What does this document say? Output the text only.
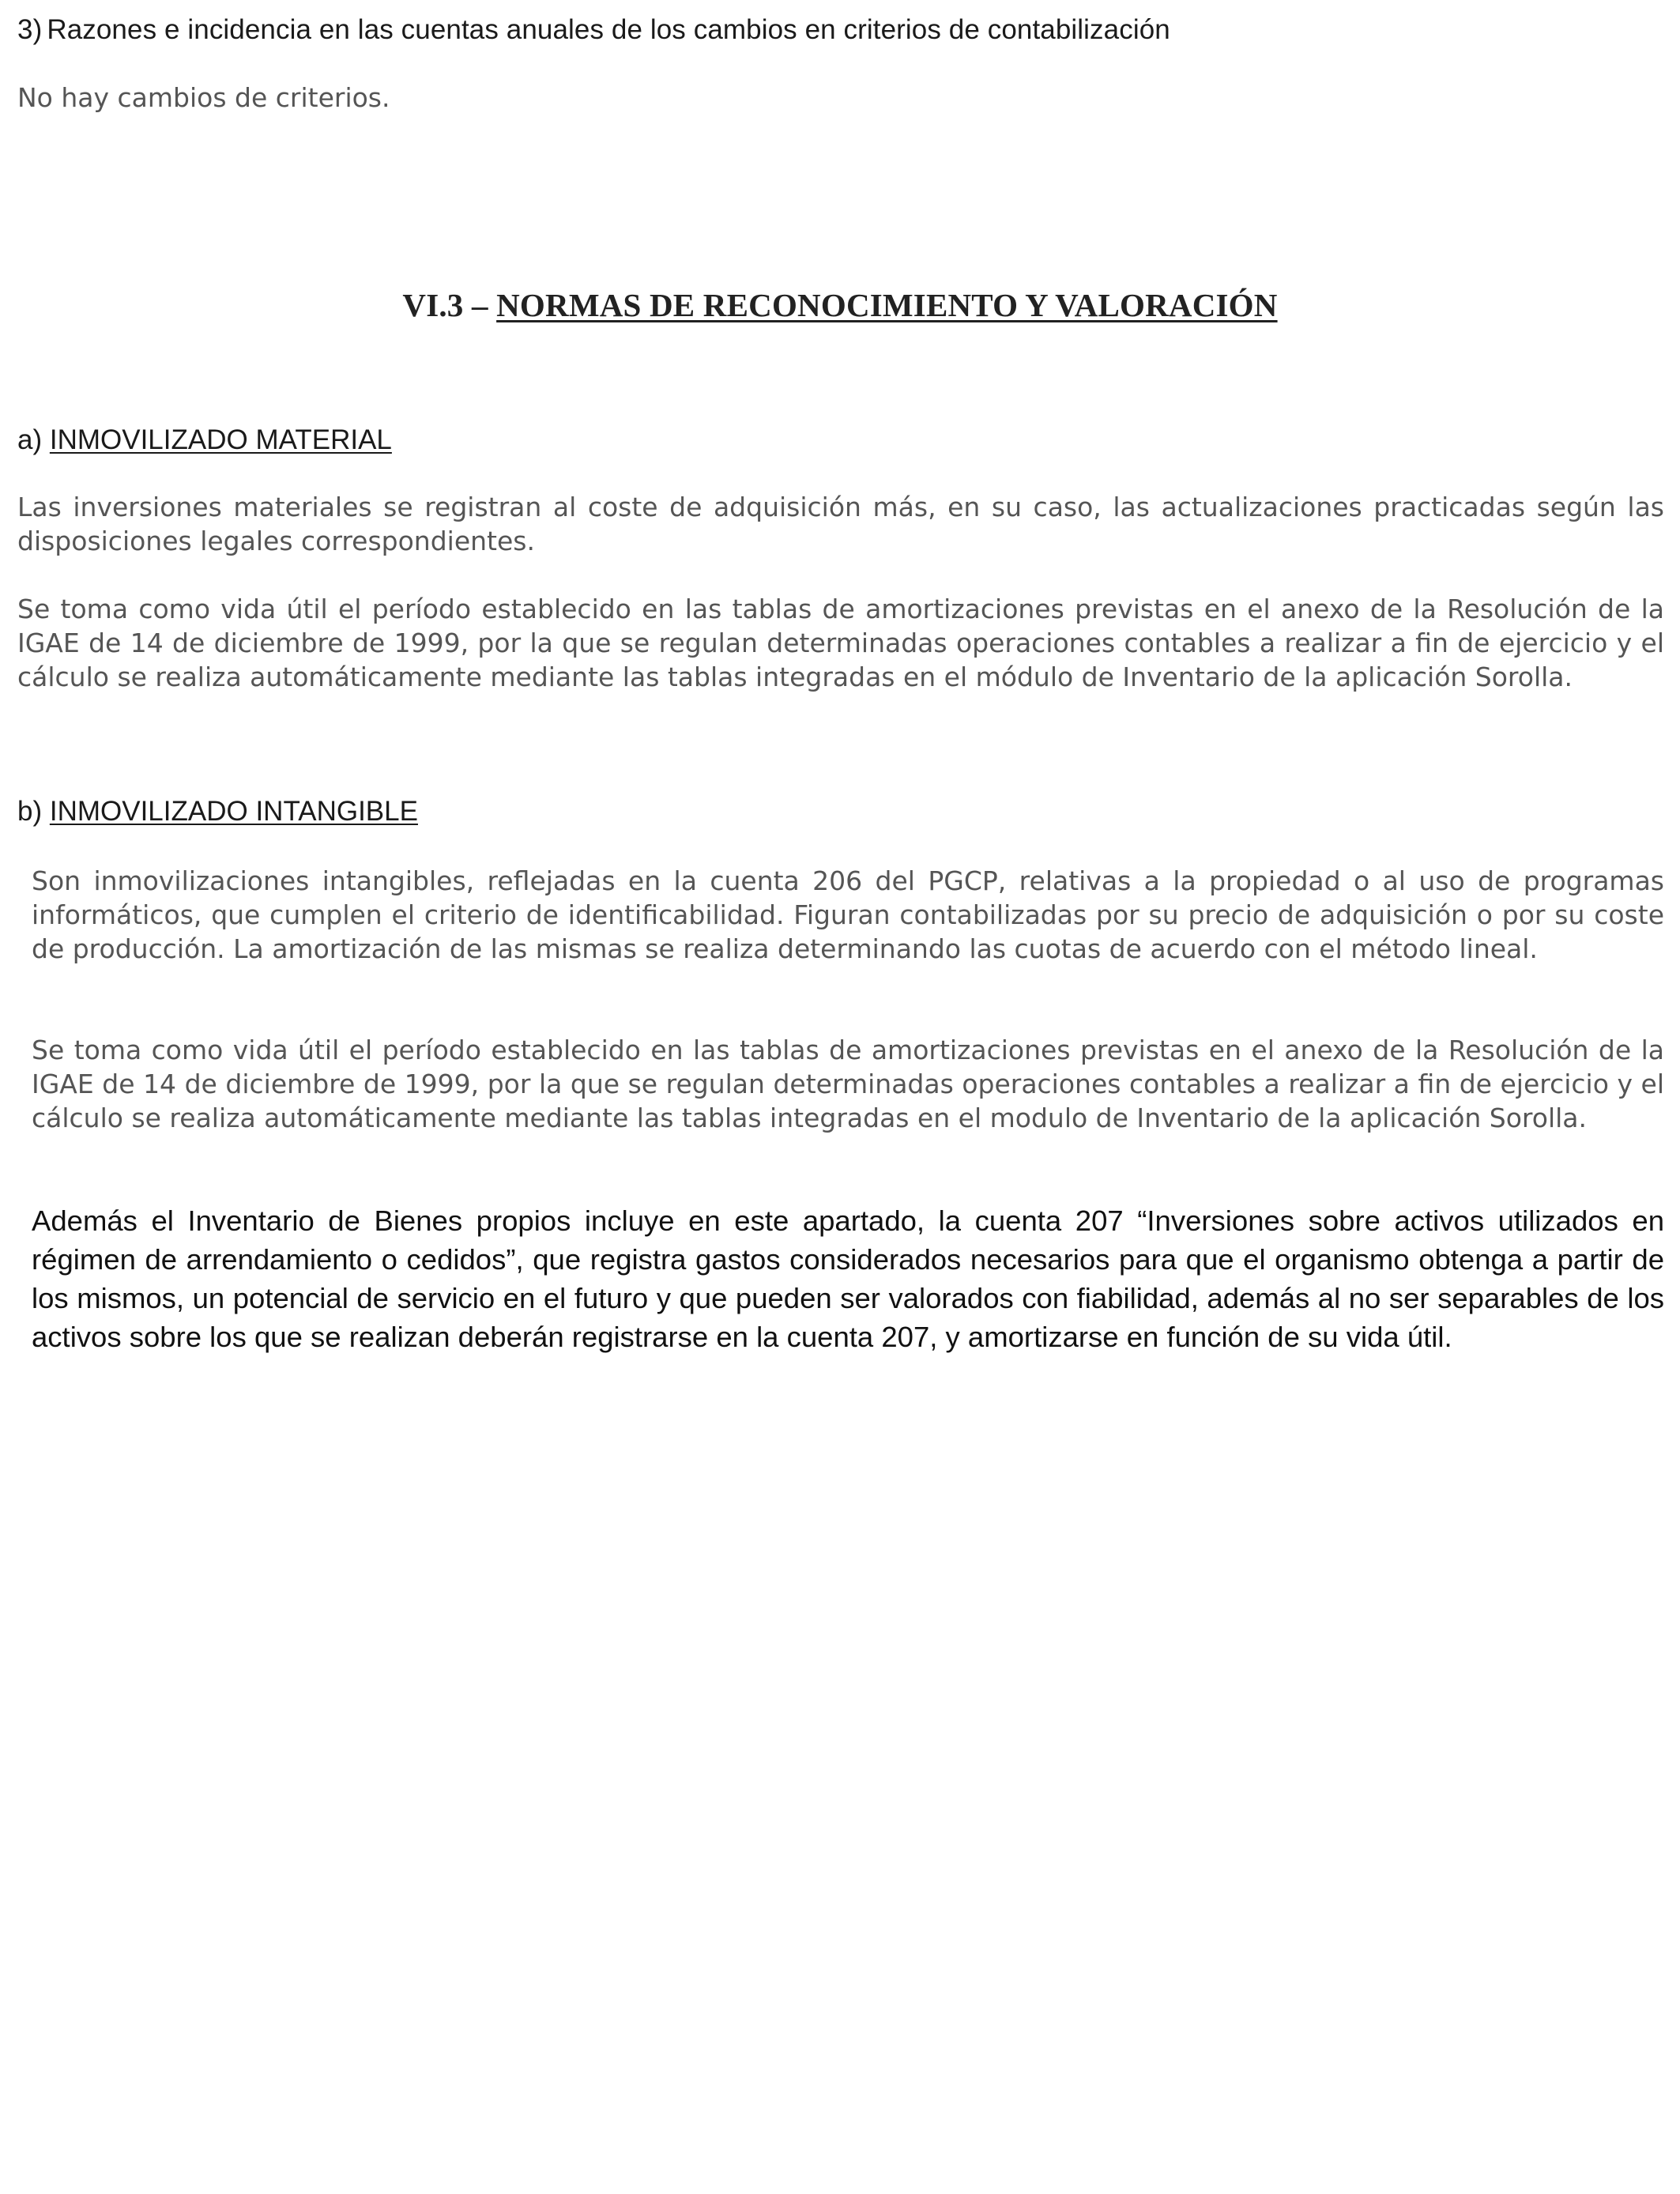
3) Razones e incidencia en las cuentas anuales de los cambios en criterios de contabilización

No hay cambios de criterios.

VI.3 – NORMAS DE RECONOCIMIENTO Y VALORACIÓN
a) INMOVILIZADO MATERIAL

Las inversiones materiales se registran al coste de adquisición más, en su caso, las actualizaciones practicadas según las disposiciones legales correspondientes.

Se toma como vida útil el período establecido en las tablas de amortizaciones previstas en el anexo de la Resolución de la IGAE de 14 de diciembre de 1999, por la que se regulan determinadas operaciones contables a realizar a fin de ejercicio y el cálculo se realiza automáticamente mediante las tablas integradas en el módulo de Inventario de la aplicación Sorolla.

b) INMOVILIZADO INTANGIBLE

Son inmovilizaciones intangibles, reflejadas en la cuenta 206 del PGCP, relativas a la propiedad o al uso de programas informáticos, que cumplen el criterio de identificabilidad. Figuran contabilizadas por su precio de adquisición o por su coste de producción. La amortización de las mismas se realiza determinando las cuotas de acuerdo con el método lineal.

Se toma como vida útil el período establecido en las tablas de amortizaciones previstas en el anexo de la Resolución de la IGAE de 14 de diciembre de 1999, por la que se regulan determinadas operaciones contables a realizar a fin de ejercicio y el cálculo se realiza automáticamente mediante las tablas integradas en el modulo de Inventario de la aplicación Sorolla.

Además el Inventario de Bienes propios incluye en este apartado, la cuenta 207 “Inversiones sobre activos utilizados en régimen de arrendamiento o cedidos”, que registra gastos considerados necesarios para que el organismo obtenga a partir de los mismos, un potencial de servicio en el futuro y que pueden ser valorados con fiabilidad, además al no ser separables de los activos sobre los que se realizan deberán registrarse en la cuenta 207, y amortizarse en función de su vida útil.
